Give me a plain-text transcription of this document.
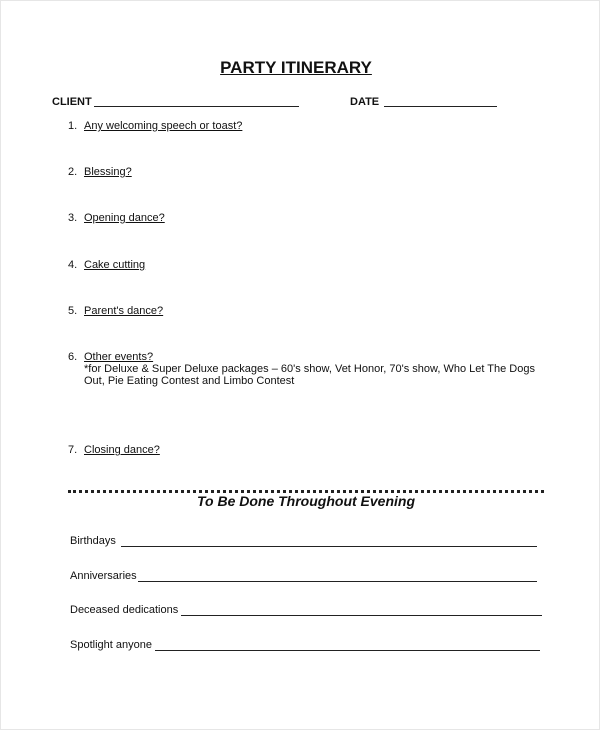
PARTY ITINERARY
CLIENT	DATE
1. Any welcoming speech or toast?
2. Blessing?
3. Opening dance?
4. Cake cutting
5. Parent's dance?
6. Other events?
*for Deluxe & Super Deluxe packages – 60's show, Vet Honor, 70's show, Who Let The Dogs
Out, Pie Eating Contest and Limbo Contest
7. Closing dance?
To Be Done Throughout Evening
Birthdays
Anniversaries
Deceased dedications
Spotlight anyone
